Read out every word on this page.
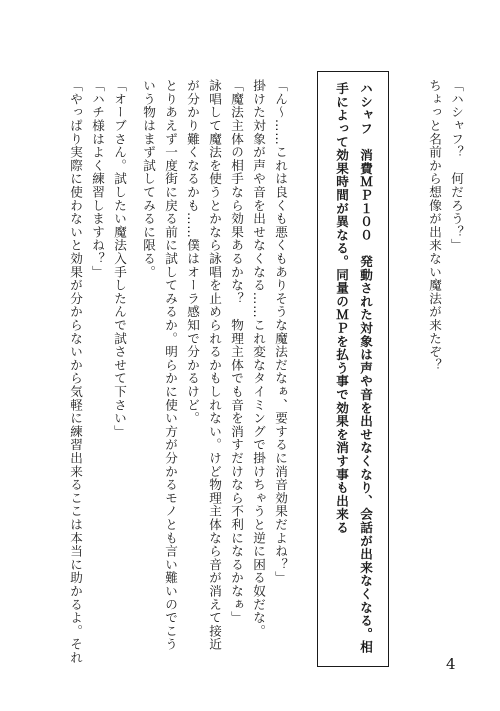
「ハシャフ？　何だろう？」
ちょっと名前から想像が出来ない魔法が来たぞ？
ハシャフ　消費ＭＰ１００　発動された対象は声や音を出せなくなり、会話が出来なくなる。相
手によって効果時間が異なる。同量のＭＰを払う事で効果を消す事も出来る
「ん～……これは良くも悪くもありそうな魔法だなぁ、要するに消音効果だよね？」
掛けた対象が声や音を出せなくなる……これ変なタイミングで掛けちゃうと逆に困る奴だな。
「魔法主体の相手なら効果あるかな？　物理主体でも音を消すだけなら不利になるかなぁ」
詠唱して魔法を使うとかなら詠唱を止められるかもしれない。けど物理主体なら音が消えて接近
が分かり難くなるかも……僕はオーラ感知で分かるけど。
とりあえず一度街に戻る前に試してみるか。明らかに使い方が分かるモノとも言い難いのでこう
いう物はまず試してみるに限る。
「オーブさん。試したい魔法入手したんで試させて下さい」
「ハチ様はよく練習しますね？」
「やっぱり実際に使わないと効果が分からないから気軽に練習出来るここは本当に助かるよ。それ	4
